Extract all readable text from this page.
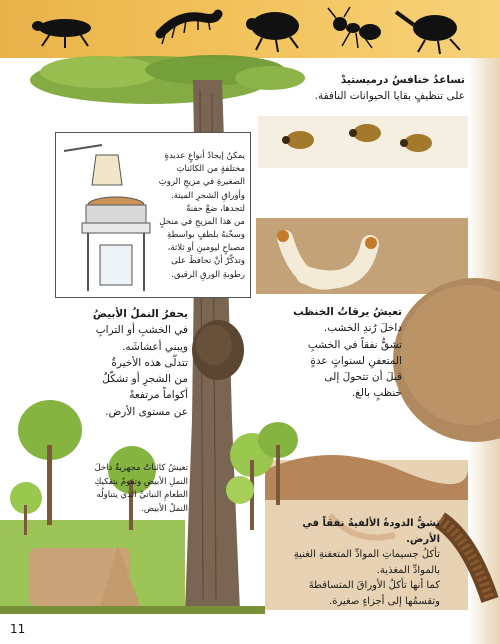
يمكنُ إيجادُ أنواعٍ عديدةٍ
مختلفةٍ من الكائناتِ
الصغيرةِ في مزيجِ الروثِ
وأوراقِ الشجرِ الميتة.
لتجدها، ضعْ حفنةً
من هذا المزيجِ في منخلٍ
وسخّنهُ بلطفٍ بواسطةِ
مصباحٍ ليومينِ أو ثلاثة،
وتذكّرْ أنْ تحافظَ على
رطوبةِ الورقِ الرقيق.
تساعدُ خنافسُ درميستيدْ
على تنظيفٍ بقايا الحيوانات النافقة.
يحفرُ النملُ الأبيضُ
في الخشبِ أو الترابِ
ويبني أعشاشَه.
تتدلّى هذه الأخيرةُ
من الشجرِ أو تشكّلُ
أكواماً مرتفعةً
عن مستوى الأرض.
تعيشُ كائناتٌ مجهريةٌ داخلَ
النملِ الأبيضِ وتقومُ بتفكيكِ
الطعامِ النباتيِّ الذي يتناولُه
النملُ الأبيض.
تعيشُ يرقاتُ الخنظب
داخلَ رُندِ الخشب.
تشقُّ نفقاً في الخشبِ
المتعفنِ لسنواتٍ عدةٍ
قبلَ أن تتحولَ إلى
خنظبٍ بالغ.
تشقُّ الدودةُ الألفيةُ نفقاً في الأرض.
تأكلُ جسيماتِ الموادِّ المتعفنةِ الغنيةِ
بالموادِّ المغذية.
كما أنها تأكلُ الأوراقَ المتساقطةَ
وتقسمُها إلى أجزاءٍ صغيرة.
11
